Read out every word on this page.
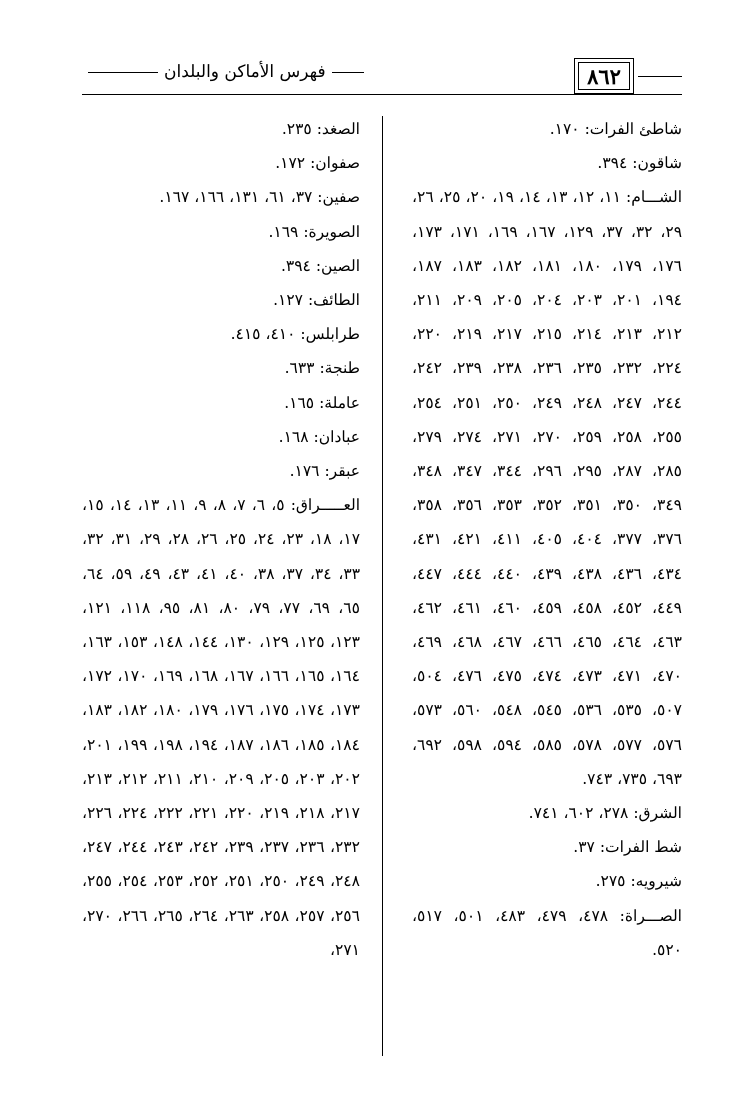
فهرس الأماكن والبلدان	٨٦٢

شاطئ الفرات: ١٧٠.

شاقون: ٣٩٤.

الشـــام: ١١، ١٢، ١٣، ١٤، ١٩، ٢٠، ٢٥، ٢٦، ٢٩، ٣٢، ٣٧، ١٢٩، ١٦٧، ١٦٩، ١٧١، ١٧٣، ١٧٦، ١٧٩، ١٨٠، ١٨١، ١٨٢، ١٨٣، ١٨٧، ١٩٤، ٢٠١، ٢٠٣، ٢٠٤، ٢٠٥، ٢٠٩، ٢١١، ٢١٢، ٢١٣، ٢١٤، ٢١٥، ٢١٧، ٢١٩، ٢٢٠، ٢٢٤، ٢٣٢، ٢٣٥، ٢٣٦، ٢٣٨، ٢٣٩، ٢٤٢، ٢٤٤، ٢٤٧، ٢٤٨، ٢٤٩، ٢٥٠، ٢٥١، ٢٥٤، ٢٥٥، ٢٥٨، ٢٥٩، ٢٧٠، ٢٧١، ٢٧٤، ٢٧٩، ٢٨٥، ٢٨٧، ٢٩٥، ٢٩٦، ٣٤٤، ٣٤٧، ٣٤٨، ٣٤٩، ٣٥٠، ٣٥١، ٣٥٢، ٣٥٣، ٣٥٦، ٣٥٨، ٣٧٦، ٣٧٧، ٤٠٤، ٤٠٥، ٤١١، ٤٢١، ٤٣١، ٤٣٤، ٤٣٦، ٤٣٨، ٤٣٩، ٤٤٠، ٤٤٤، ٤٤٧، ٤٤٩، ٤٥٢، ٤٥٨، ٤٥٩، ٤٦٠، ٤٦١، ٤٦٢، ٤٦٣، ٤٦٤، ٤٦٥، ٤٦٦، ٤٦٧، ٤٦٨، ٤٦٩، ٤٧٠، ٤٧١، ٤٧٣، ٤٧٤، ٤٧٥، ٤٧٦، ٥٠٤، ٥٠٧، ٥٣٥، ٥٣٦، ٥٤٥، ٥٤٨، ٥٦٠، ٥٧٣، ٥٧٦، ٥٧٧، ٥٧٨، ٥٨٥، ٥٩٤، ٥٩٨، ٦٩٢، ٦٩٣، ٧٣٥، ٧٤٣.

الشرق: ٢٧٨، ٦٠٢، ٧٤١.

شط الفرات: ٣٧.

شيرويه: ٢٧٥.

الصـــراة: ٤٧٨، ٤٧٩، ٤٨٣، ٥٠١، ٥١٧، ٥٢٠.

الصغد: ٢٣٥.

صفوان: ١٧٢.

صفين: ٣٧، ٦١، ١٣١، ١٦٦، ١٦٧.

الصويرة: ١٦٩.

الصين: ٣٩٤.

الطائف: ١٢٧.

طرابلس: ٤١٠، ٤١٥.

طنجة: ٦٣٣.

عاملة: ١٦٥.

عبادان: ١٦٨.

عبقر: ١٧٦.

العـــــراق: ٥، ٦، ٧، ٨، ٩، ١١، ١٣، ١٤، ١٥، ١٧، ١٨، ٢٣، ٢٤، ٢٥، ٢٦، ٢٨، ٢٩، ٣١، ٣٢، ٣٣، ٣٤، ٣٧، ٣٨، ٤٠، ٤١، ٤٣، ٤٩، ٥٩، ٦٤، ٦٥، ٦٩، ٧٧، ٧٩، ٨٠، ٨١، ٩٥، ١١٨، ١٢١، ١٢٣، ١٢٥، ١٢٩، ١٣٠، ١٤٤، ١٤٨، ١٥٣، ١٦٣، ١٦٤، ١٦٥، ١٦٦، ١٦٧، ١٦٨، ١٦٩، ١٧٠، ١٧٢، ١٧٣، ١٧٤، ١٧٥، ١٧٦، ١٧٩، ١٨٠، ١٨٢، ١٨٣، ١٨٤، ١٨٥، ١٨٦، ١٨٧، ١٩٤، ١٩٨، ١٩٩، ٢٠١، ٢٠٢، ٢٠٣، ٢٠٥، ٢٠٩، ٢١٠، ٢١١، ٢١٢، ٢١٣، ٢١٧، ٢١٨، ٢١٩، ٢٢٠، ٢٢١، ٢٢٢، ٢٢٤، ٢٢٦، ٢٣٢، ٢٣٦، ٢٣٧، ٢٣٩، ٢٤٢، ٢٤٣، ٢٤٤، ٢٤٧، ٢٤٨، ٢٤٩، ٢٥٠، ٢٥١، ٢٥٢، ٢٥٣، ٢٥٤، ٢٥٥، ٢٥٦، ٢٥٧، ٢٥٨، ٢٦٣، ٢٦٤، ٢٦٥، ٢٦٦، ٢٧٠، ٢٧١،
